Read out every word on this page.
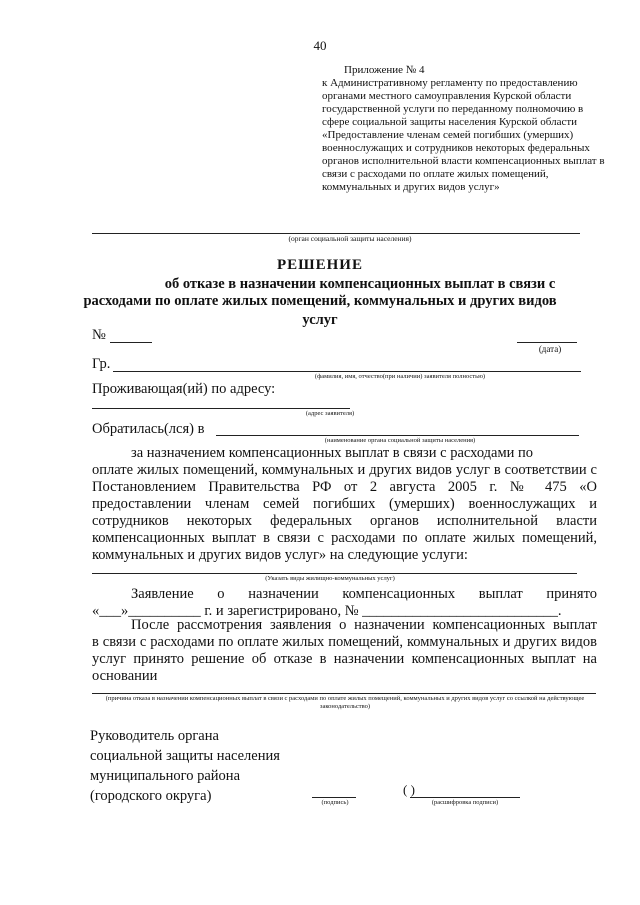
40
Приложение № 4
к Административному регламенту по предоставлению органами местного самоуправления Курской области государственной услуги по переданному полномочию в сфере социальной защиты населения Курской области «Предоставление членам семей погибших (умерших) военнослужащих и сотрудников некоторых федеральных органов исполнительной власти компенсационных выплат в связи с расходами по оплате жилых помещений, коммунальных и других видов услуг»
(орган социальной защиты населения)
РЕШЕНИЕ
об отказе в назначении компенсационных выплат в связи с
расходами по оплате жилых помещений, коммунальных и других видов
услуг
№
(дата)
Гр.
(фамилия, имя, отчество(при наличии) заявителя полностью)
Проживающая(ий) по адресу:
(адрес заявителя)
Обратилась(лся) в
(наименование органа социальной защиты населения)
за назначением компенсационных выплат в связи с расходами по
оплате жилых помещений, коммунальных и других видов услуг в соответствии с Постановлением Правительства РФ от 2 августа 2005 г. № 475 «О предоставлении членам семей погибших (умерших) военнослужащих и сотрудников некоторых федеральных органов исполнительной власти компенсационных выплат в связи с расходами по оплате жилых помещений, коммунальных и других видов услуг» на следующие услуги:
(Указать виды жилищно-коммунальных услуг)
Заявление о назначении компенсационных выплат принято
«___»__________ г. и зарегистрировано, № ___________________________.
После рассмотрения заявления о назначении компенсационных выплат
в связи с расходами по оплате жилых помещений, коммунальных и других видов услуг принято решение об отказе в назначении компенсационных выплат на основании
(причина отказа в назначении компенсационных выплат в связи с расходами по оплате жилых помещений, коммунальных и других видов услуг со ссылкой на действующее законодательство)
Руководитель органа
социальной защиты населения
муниципального района
(городского округа)	(подпись)
( )
(расшифровка подписи)
